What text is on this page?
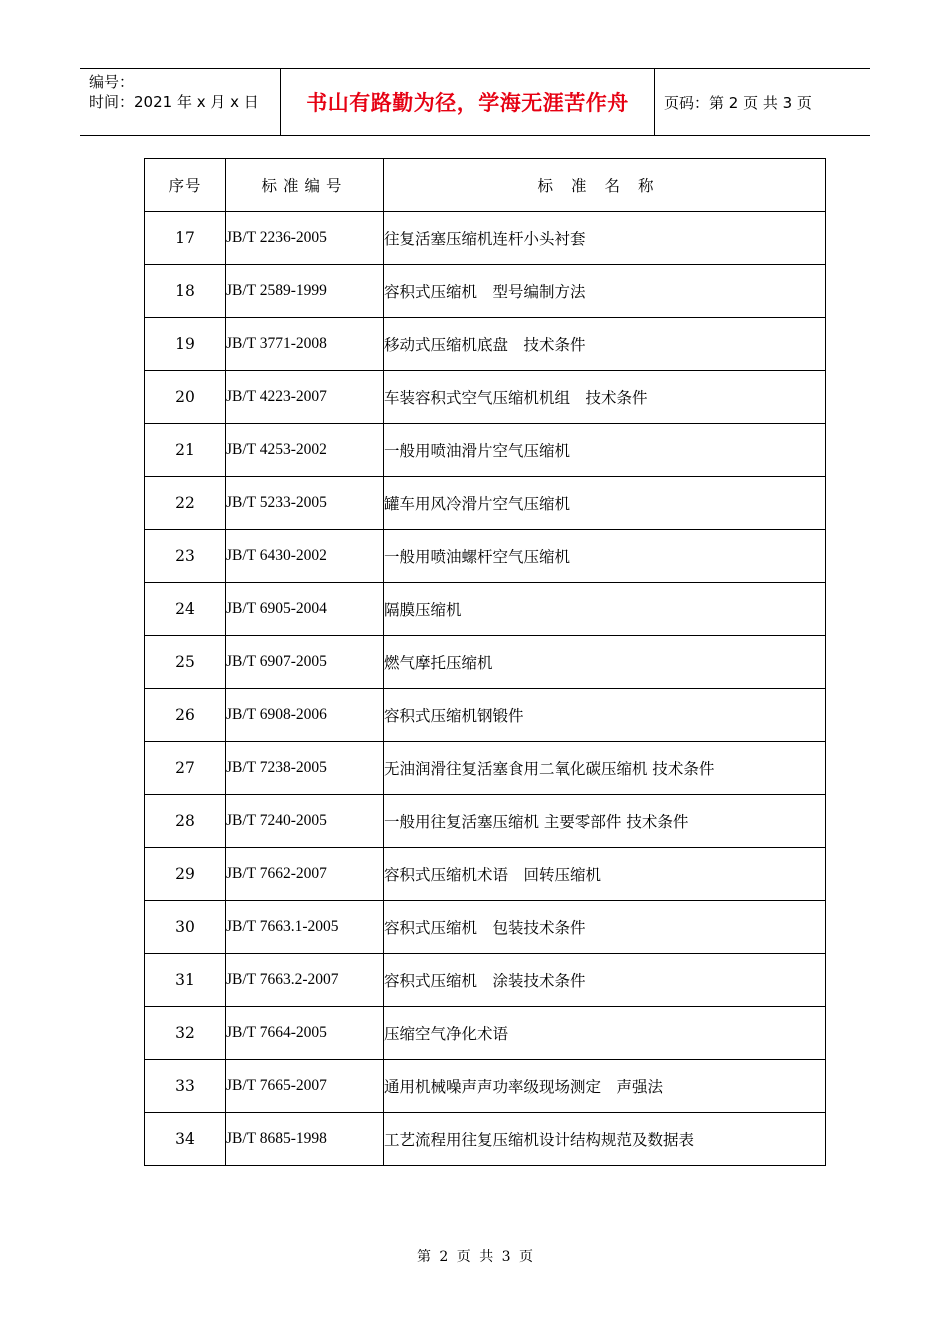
编号：
时间：2021 年 x 月 x 日 书山有路勤为径，学海无涯苦作舟 页码：第 2 页 共 3 页
序号	标准编号	标准名称
17	JB/T 2236-2005	往复活塞压缩机连杆小头衬套
18	JB/T 2589-1999	容积式压缩机　型号编制方法
19	JB/T 3771-2008	移动式压缩机底盘　技术条件
20	JB/T 4223-2007	车装容积式空气压缩机机组　技术条件
21	JB/T 4253-2002	一般用喷油滑片空气压缩机
22	JB/T 5233-2005	罐车用风冷滑片空气压缩机
23	JB/T 6430-2002	一般用喷油螺杆空气压缩机
24	JB/T 6905-2004	隔膜压缩机
25	JB/T 6907-2005	燃气摩托压缩机
26	JB/T 6908-2006	容积式压缩机钢锻件
27	JB/T 7238-2005	无油润滑往复活塞食用二氧化碳压缩机 技术条件
28	JB/T 7240-2005	一般用往复活塞压缩机 主要零部件 技术条件
29	JB/T 7662-2007	容积式压缩机术语　回转压缩机
30	JB/T 7663.1-2005	容积式压缩机　包装技术条件
31	JB/T 7663.2-2007	容积式压缩机　涂装技术条件
32	JB/T 7664-2005	压缩空气净化术语
33	JB/T 7665-2007	通用机械噪声声功率级现场测定　声强法
34	JB/T 8685-1998	工艺流程用往复压缩机设计结构规范及数据表
第 2 页 共 3 页
